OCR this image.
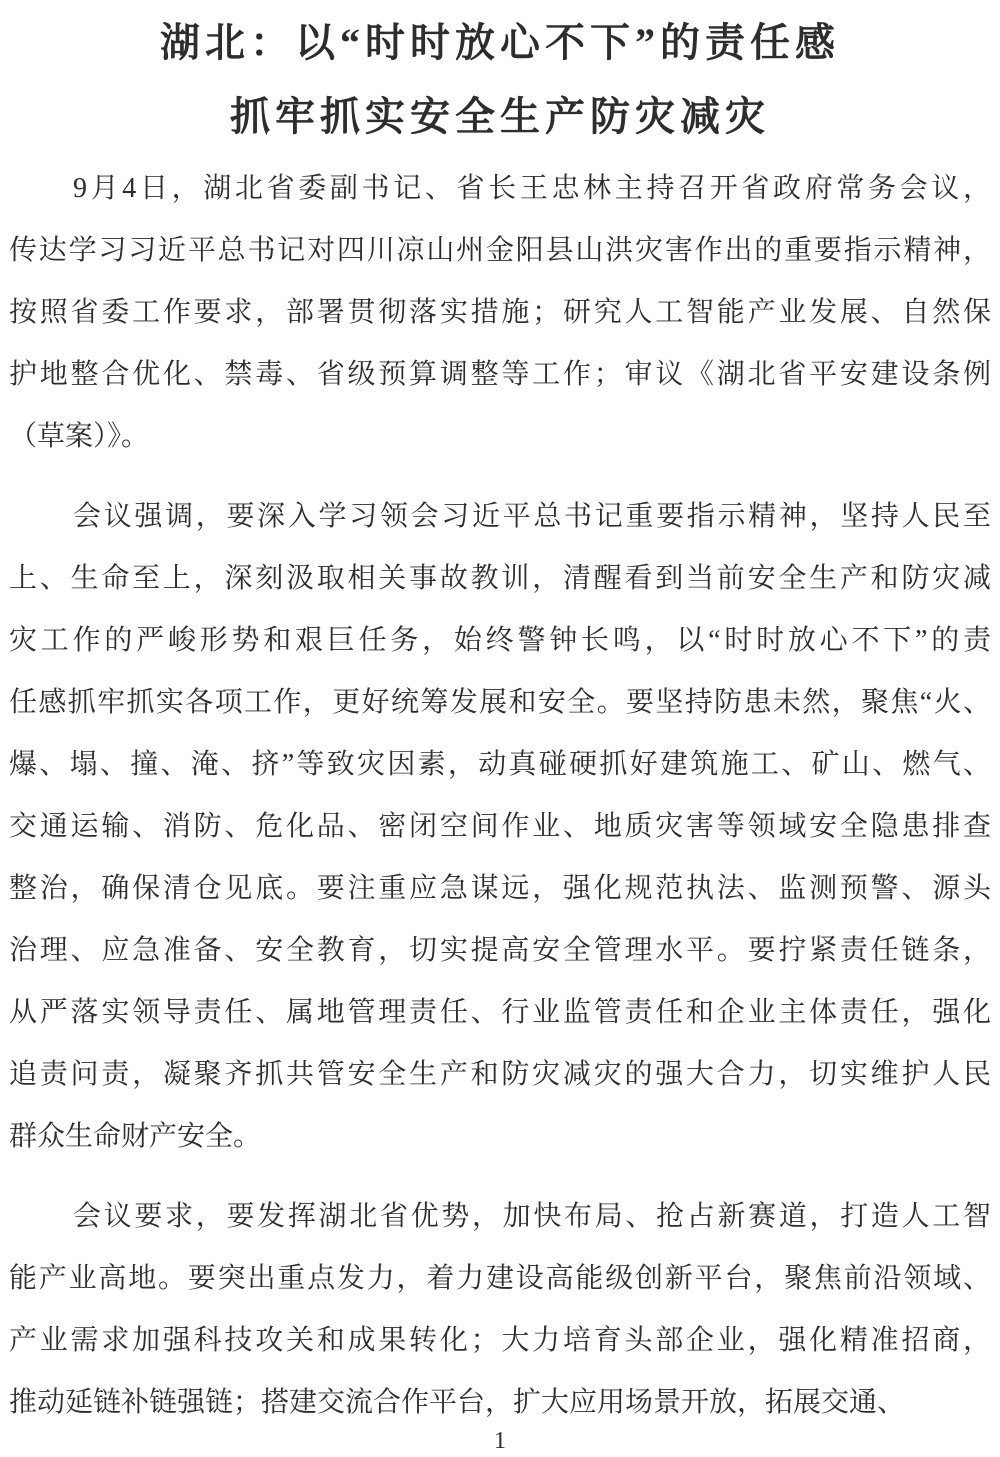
湖北：以“时时放心不下”的责任感
抓牢抓实安全生产防灾减灾
9月4日，湖北省委副书记、省长王忠林主持召开省政府常务会议，
传达学习习近平总书记对四川凉山州金阳县山洪灾害作出的重要指示精神，
按照省委工作要求，部署贯彻落实措施；研究人工智能产业发展、自然保
护地整合优化、禁毒、省级预算调整等工作；审议《湖北省平安建设条例
（草案）》。
会议强调，要深入学习领会习近平总书记重要指示精神，坚持人民至
上、生命至上，深刻汲取相关事故教训，清醒看到当前安全生产和防灾减
灾工作的严峻形势和艰巨任务，始终警钟长鸣，以“时时放心不下”的责
任感抓牢抓实各项工作，更好统筹发展和安全。要坚持防患未然，聚焦“火、
爆、塌、撞、淹、挤”等致灾因素，动真碰硬抓好建筑施工、矿山、燃气、
交通运输、消防、危化品、密闭空间作业、地质灾害等领域安全隐患排查
整治，确保清仓见底。要注重应急谋远，强化规范执法、监测预警、源头
治理、应急准备、安全教育，切实提高安全管理水平。要拧紧责任链条，
从严落实领导责任、属地管理责任、行业监管责任和企业主体责任，强化
追责问责，凝聚齐抓共管安全生产和防灾减灾的强大合力，切实维护人民
群众生命财产安全。
会议要求，要发挥湖北省优势，加快布局、抢占新赛道，打造人工智
能产业高地。要突出重点发力，着力建设高能级创新平台，聚焦前沿领域、
产业需求加强科技攻关和成果转化；大力培育头部企业，强化精准招商，
推动延链补链强链；搭建交流合作平台，扩大应用场景开放，拓展交通、
1
